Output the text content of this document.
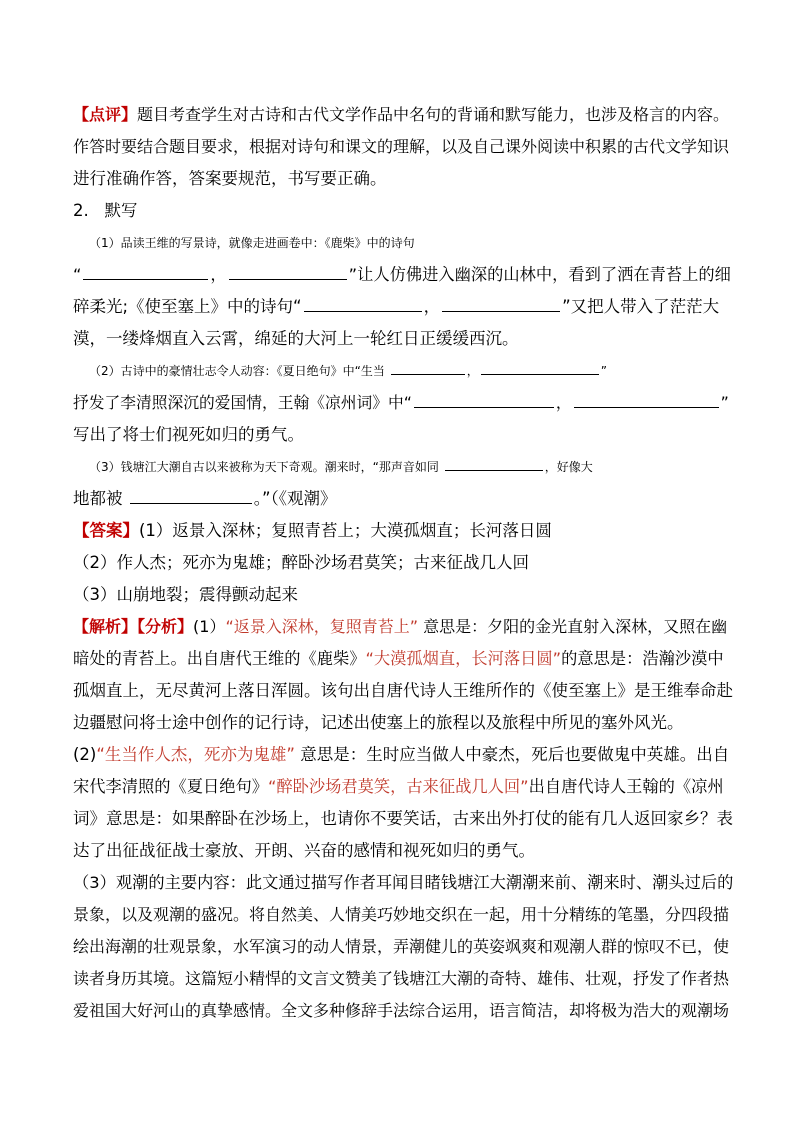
【点评】题目考查学生对古诗和古代文学作品中名句的背诵和默写能力，也涉及格言的内容。
作答时要结合题目要求，根据对诗句和课文的理解，以及自己课外阅读中积累的古代文学知识
进行准确作答，答案要规范，书写要正确。
2. 默写
（1）品读王维的写景诗，就像走进画卷中：《鹿柴》中的诗句
“	，	”让人仿佛进入幽深的山林中，看到了洒在青苔上的细
碎柔光;《使至塞上》中的诗句“	，	”又把人带入了茫茫大
漠，一缕烽烟直入云霄，绵延的大河上一轮红日正缓缓西沉。
（2）古诗中的豪情壮志令人动容：《夏日绝句》中“生当	，	”
抒发了李清照深沉的爱国情，王翰《凉州词》中“	，	”
写出了将士们视死如归的勇气。
（3）钱塘江大潮自古以来被称为天下奇观。潮来时，“那声音如同	，好像大
地都被	。”（《观潮》
【答案】(1）返景入深林；复照青苔上；大漠孤烟直；长河落日圆
（2）作人杰；死亦为鬼雄；醉卧沙场君莫笑；古来征战几人回
（3）山崩地裂；震得颤动起来
【解析】【分析】(1）“返景入深林，复照青苔上” 意思是：夕阳的金光直射入深林，又照在幽
暗处的青苔上。出自唐代王维的《鹿柴》“大漠孤烟直，长河落日圆”的意思是：浩瀚沙漠中
孤烟直上，无尽黄河上落日浑圆。该句出自唐代诗人王维所作的《使至塞上》是王维奉命赴
边疆慰问将士途中创作的记行诗，记述出使塞上的旅程以及旅程中所见的塞外风光。
(2)“生当作人杰，死亦为鬼雄” 意思是：生时应当做人中豪杰，死后也要做鬼中英雄。出自
宋代李清照的《夏日绝句》“醉卧沙场君莫笑，古来征战几人回”出自唐代诗人王翰的《凉州
词》意思是：如果醉卧在沙场上，也请你不要笑话，古来出外打仗的能有几人返回家乡？表
达了出征战征战士豪放、开朗、兴奋的感情和视死如归的勇气。
（3）观潮的主要内容：此文通过描写作者耳闻目睹钱塘江大潮潮来前、潮来时、潮头过后的
景象，以及观潮的盛况。将自然美、人情美巧妙地交织在一起，用十分精练的笔墨，分四段描
绘出海潮的壮观景象，水军演习的动人情景，弄潮健儿的英姿飒爽和观潮人群的惊叹不已，使
读者身历其境。这篇短小精悍的文言文赞美了钱塘江大潮的奇特、雄伟、壮观，抒发了作者热
爱祖国大好河山的真挚感情。全文多种修辞手法综合运用，语言简洁，却将极为浩大的观潮场
